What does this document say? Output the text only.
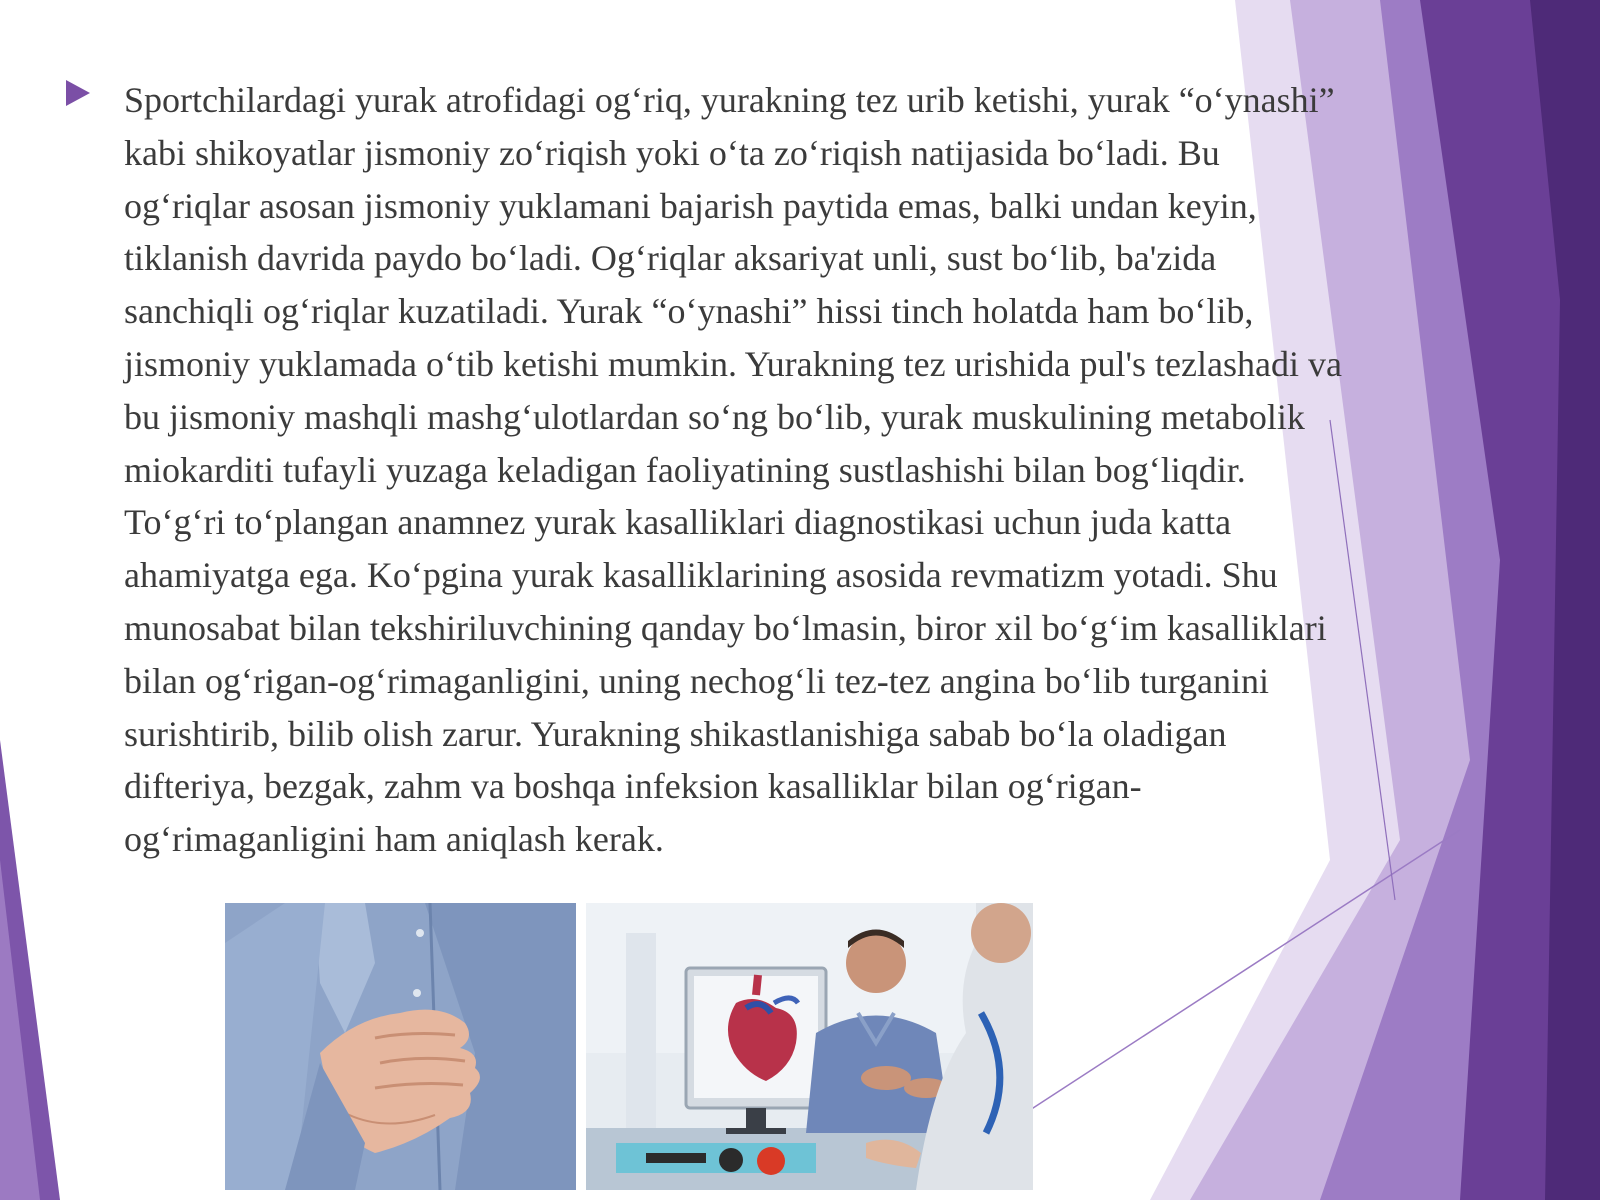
Sportchilardagi yurak atrofidagi ogʻriq, yurakning tez urib ketishi, yurak “oʻynashi”
kabi shikoyatlar jismoniy zoʻriqish yoki oʻta zoʻriqish natijasida boʻladi. Bu
ogʻriqlar asosan jismoniy yuklamani bajarish paytida emas, balki undan keyin,
tiklanish davrida paydo boʻladi. Ogʻriqlar aksariyat unli, sust boʻlib, ba'zida
sanchiqli ogʻriqlar kuzatiladi. Yurak “oʻynashi” hissi tinch holatda ham boʻlib,
jismoniy yuklamada oʻtib ketishi mumkin. Yurakning tez urishida pul's tezlashadi va
bu jismoniy mashqli mashgʻulotlardan soʻng boʻlib, yurak muskulining metabolik
miokarditi tufayli yuzaga keladigan faoliyatining sustlashishi bilan bogʻliqdir.
Toʻgʻri toʻplangan anamnez yurak kasalliklari diagnostikasi uchun juda katta
ahamiyatga ega. Koʻpgina yurak kasalliklarining asosida revmatizm yotadi. Shu
munosabat bilan tekshiriluvchining qanday boʻlmasin, biror xil boʻgʻim kasalliklari
bilan ogʻrigan-ogʻrimaganligini, uning nechogʻli tez-tez angina boʻlib turganini
surishtirib, bilib olish zarur. Yurakning shikastlanishiga sabab boʻla oladigan
difteriya, bezgak, zahm va boshqa infeksion kasalliklar bilan ogʻrigan-
ogʻrimaganligini ham aniqlash kerak.
